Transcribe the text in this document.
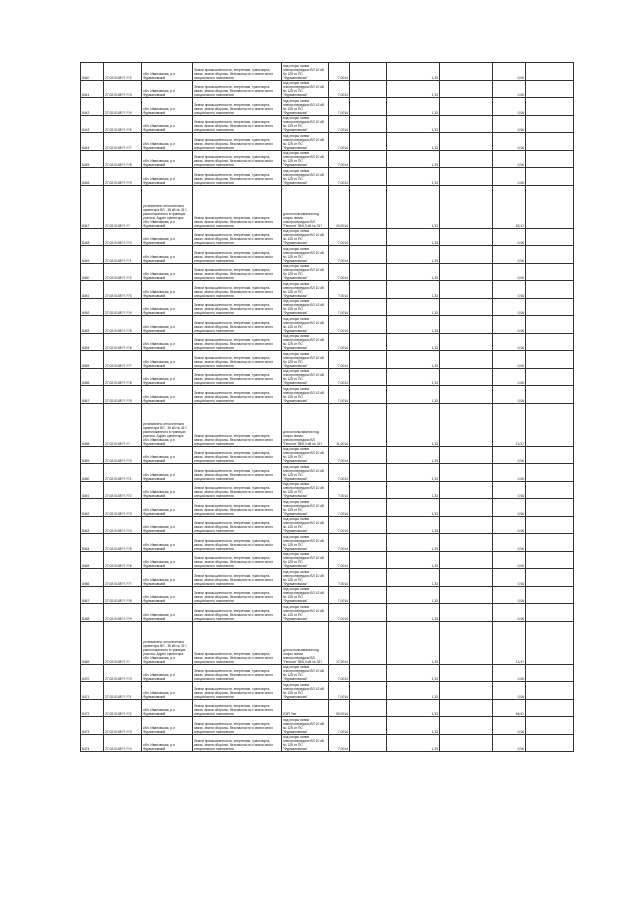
8440	27:02:0108??:??2	обл. Ивановская, р-н Фурмановский	Земли промышленности, энергетики, транспорта, связи, земли обороны, безопасности и земли иного специального назначения	под опоры линии электропередачи ВЛ 10 кВ № 126 от ПС "Фурмановская"	7,0014		1,33		0,06	
8441	27:02:0108??:??4	обл. Ивановская, р-н Фурмановский	Земли промышленности, энергетики, транспорта, связи, земли обороны, безопасности и земли иного специального назначения	под опоры линии электропередачи ВЛ 10 кВ № 126 от ПС "Фурмановская"	7,0014		1,33		0,06	
8442	27:02:0108??:??4	обл. Ивановская, р-н Фурмановский	Земли промышленности, энергетики, транспорта, связи, земли обороны, безопасности и земли иного специального назначения	под опоры линии электропередачи ВЛ 10 кВ № 126 от ПС "Фурмановская"	7,0014		1,33		0,06	
8443	27:02:0108??:??5	обл. Ивановская, р-н Фурмановский	Земли промышленности, энергетики, транспорта, связи, земли обороны, безопасности и земли иного специального назначения	под опоры линии электропередачи ВЛ 10 кВ № 126 от ПС "Фурмановская"	7,0014		1,33		0,06	
8444	27:02:0108??:??7	обл. Ивановская, р-н Фурмановский	Земли промышленности, энергетики, транспорта, связи, земли обороны, безопасности и земли иного специального назначения	под опоры линии электропередачи ВЛ 10 кВ № 126 от ПС "Фурмановская"	7,0014		1,33		0,06	
8445	27:02:0108??:??8	обл. Ивановская, р-н Фурмановский	Земли промышленности, энергетики, транспорта, связи, земли обороны, безопасности и земли иного специального назначения	под опоры линии электропередачи ВЛ 10 кВ № 126 от ПС "Фурмановская"	7,0014		1,33		0,06	
8446	27:02:0108??:??9	обл. Ивановская, р-н Фурмановский	Земли промышленности, энергетики, транспорта, связи, земли обороны, безопасности и земли иного специального назначения	под опоры линии электропередачи ВЛ 10 кВ № 126 от ПС "Фурмановская"	7,0014		1,33		0,06	
8447	27:02:0108??:??	установлено относительно ориентира ВЛ - 35 кВ № 31?, расположенного в границах участка. Адрес ориентира: обл. Ивановская, р-н Фурмановский	Земли промышленности, энергетики, транспорта, связи, земли обороны, безопасности и земли иного специального назначения	для использования под опоры линии электропередачи ВЛ "Пельня" 35/6,0 кВ № 31?	24,0014		1,33		63,4?	
8448	27:02:0108??:??0	обл. Ивановская, р-н Фурмановский	Земли промышленности, энергетики, транспорта, связи, земли обороны, безопасности и земли иного специального назначения	под опоры линии электропередачи ВЛ 10 кВ № 126 от ПС "Фурмановская"	7,0014		1,33		0,06	
8449	27:02:0108??:??1	обл. Ивановская, р-н Фурмановский	Земли промышленности, энергетики, транспорта, связи, земли обороны, безопасности и земли иного специального назначения	под опоры линии электропередачи ВЛ 10 кВ № 126 от ПС "Фурмановская"	7,0014		1,33		0,06	
8450	27:02:0108??:??2	обл. Ивановская, р-н Фурмановский	Земли промышленности, энергетики, транспорта, связи, земли обороны, безопасности и земли иного специального назначения	под опоры линии электропередачи ВЛ 10 кВ № 126 от ПС "Фурмановская"	7,0014		1,33		0,06	
8451	27:02:0108??:??3	обл. Ивановская, р-н Фурмановский	Земли промышленности, энергетики, транспорта, связи, земли обороны, безопасности и земли иного специального назначения	под опоры линии электропередачи ВЛ 10 кВ № 126 от ПС "Фурмановская"	7,0014		1,33		0,06	
8452	27:02:0108??:??4	обл. Ивановская, р-н Фурмановский	Земли промышленности, энергетики, транспорта, связи, земли обороны, безопасности и земли иного специального назначения	под опоры линии электропередачи ВЛ 10 кВ № 126 от ПС "Фурмановская"	7,0014		1,33		0,06	
8453	27:02:0108??:??5	обл. Ивановская, р-н Фурмановский	Земли промышленности, энергетики, транспорта, связи, земли обороны, безопасности и земли иного специального назначения	под опоры линии электропередачи ВЛ 10 кВ № 126 от ПС "Фурмановская"	7,0014		1,33		0,06	
8454	27:02:0108??:??6	обл. Ивановская, р-н Фурмановский	Земли промышленности, энергетики, транспорта, связи, земли обороны, безопасности и земли иного специального назначения	под опоры линии электропередачи ВЛ 10 кВ № 126 от ПС "Фурмановская"	7,0014		1,33		0,06	
8455	27:02:0108??:??7	обл. Ивановская, р-н Фурмановский	Земли промышленности, энергетики, транспорта, связи, земли обороны, безопасности и земли иного специального назначения	под опоры линии электропередачи ВЛ 10 кВ № 126 от ПС "Фурмановская"	7,0014		1,33		0,06	
8456	27:02:0108??:??8	обл. Ивановская, р-н Фурмановский	Земли промышленности, энергетики, транспорта, связи, земли обороны, безопасности и земли иного специального назначения	под опоры линии электропередачи ВЛ 10 кВ № 126 от ПС "Фурмановская"	7,0014		1,33		0,06	
8457	27:02:0108??:??9	обл. Ивановская, р-н Фурмановский	Земли промышленности, энергетики, транспорта, связи, земли обороны, безопасности и земли иного специального назначения	под опоры линии электропередачи ВЛ 10 кВ № 126 от ПС "Фурмановская"	7,0014		1,33		0,06	
8458	27:02:0108??:??	установлено относительно ориентира ВЛ - 35 кВ № 31?, расположенного в границах участка. Адрес ориентира: обл. Ивановская, р-н Фурмановский	Земли промышленности, энергетики, транспорта, связи, земли обороны, безопасности и земли иного специального назначения	для использования под опоры линии электропередачи ВЛ "Пельня" 35/6,0 кВ № 31?	11,0014		1,33		13,3?	
8459	27:02:0108??:??0	обл. Ивановская, р-н Фурмановский	Земли промышленности, энергетики, транспорта, связи, земли обороны, безопасности и земли иного специального назначения	под опоры линии электропередачи ВЛ 10 кВ № 126 от ПС "Фурмановская"	7,0014		1,33		0,06	
8460	27:02:0108??:??1	обл. Ивановская, р-н Фурмановский	Земли промышленности, энергетики, транспорта, связи, земли обороны, безопасности и земли иного специального назначения	под опоры линии электропередачи ВЛ 10 кВ № 126 от ПС "Фурмановская"	7,0014		1,33		0,06	
8461	27:02:0108??:??2	обл. Ивановская, р-н Фурмановский	Земли промышленности, энергетики, транспорта, связи, земли обороны, безопасности и земли иного специального назначения	под опоры линии электропередачи ВЛ 10 кВ № 126 от ПС "Фурмановская"	7,0014		1,33		0,06	
8462	27:02:0108??:??3	обл. Ивановская, р-н Фурмановский	Земли промышленности, энергетики, транспорта, связи, земли обороны, безопасности и земли иного специального назначения	под опоры линии электропередачи ВЛ 10 кВ № 126 от ПС "Фурмановская"	7,0014		1,33		0,06	
8463	27:02:0108??:??4	обл. Ивановская, р-н Фурмановский	Земли промышленности, энергетики, транспорта, связи, земли обороны, безопасности и земли иного специального назначения	под опоры линии электропередачи ВЛ 10 кВ № 126 от ПС "Фурмановская"	7,0014		1,33		0,06	
8464	27:02:0108??:??5	обл. Ивановская, р-н Фурмановский	Земли промышленности, энергетики, транспорта, связи, земли обороны, безопасности и земли иного специального назначения	под опоры линии электропередачи ВЛ 10 кВ № 126 от ПС "Фурмановская"	7,0014		1,33		0,06	
8465	27:02:0108??:??6	обл. Ивановская, р-н Фурмановский	Земли промышленности, энергетики, транспорта, связи, земли обороны, безопасности и земли иного специального назначения	под опоры линии электропередачи ВЛ 10 кВ № 126 от ПС "Фурмановская"	7,0014		1,33		0,06	
8466	27:02:0108??:??7	обл. Ивановская, р-н Фурмановский	Земли промышленности, энергетики, транспорта, связи, земли обороны, безопасности и земли иного специального назначения	под опоры линии электропередачи ВЛ 10 кВ № 126 от ПС "Фурмановская"	7,0014		1,33		0,06	
8467	27:02:0108??:??8	обл. Ивановская, р-н Фурмановский	Земли промышленности, энергетики, транспорта, связи, земли обороны, безопасности и земли иного специального назначения	под опоры линии электропередачи ВЛ 10 кВ № 126 от ПС "Фурмановская"	7,0014		1,33		0,06	
8468	27:02:0108??:??9	обл. Ивановская, р-н Фурмановский	Земли промышленности, энергетики, транспорта, связи, земли обороны, безопасности и земли иного специального назначения	под опоры линии электропередачи ВЛ 10 кВ № 126 от ПС "Фурмановская"	7,0014		1,33		0,06	
8469	27:02:0108??:??	установлено относительно ориентира ВЛ - 35 кВ № 31?, расположенного в границах участка. Адрес ориентира: обл. Ивановская, р-н Фурмановский	Земли промышленности, энергетики, транспорта, связи, земли обороны, безопасности и земли иного специального назначения	для использования под опоры линии электропередачи ВЛ "Пельня" 35/6,0 кВ № 31?	17,0014		1,33		13,3?	
8470	27:02:0108??:??0	обл. Ивановская, р-н Фурмановский	Земли промышленности, энергетики, транспорта, связи, земли обороны, безопасности и земли иного специального назначения	под опоры линии электропередачи ВЛ 10 кВ № 126 от ПС "Фурмановская"	7,0014		1,33		0,06	
8471	27:02:0108??:??1	обл. Ивановская, р-н Фурмановский	Земли промышленности, энергетики, транспорта, связи, земли обороны, безопасности и земли иного специального назначения	под опоры линии электропередачи ВЛ 10 кВ № 126 от ПС "Фурмановская"	7,0014		1,33		0,06	
8472	27:02:0108??:??2	обл. Ивановская, р-н Фурмановский	Земли промышленности, энергетики, транспорта, связи, земли обороны, безопасности и земли иного специального назначения	ЛЭП ?кв	50,0014		1,33		66,6?	
8473	27:02:0108??:??3	обл. Ивановская, р-н Фурмановский	Земли промышленности, энергетики, транспорта, связи, земли обороны, безопасности и земли иного специального назначения	под опоры линии электропередачи ВЛ 10 кВ № 126 от ПС "Фурмановская"	7,0014		1,33		0,06	
8474	27:02:0108??:??4	обл. Ивановская, р-н Фурмановский	Земли промышленности, энергетики, транспорта, связи, земли обороны, безопасности и земли иного специального назначения	под опоры линии электропередачи ВЛ 10 кВ № 126 от ПС "Фурмановская"	7,0014		1,33		0,06	
